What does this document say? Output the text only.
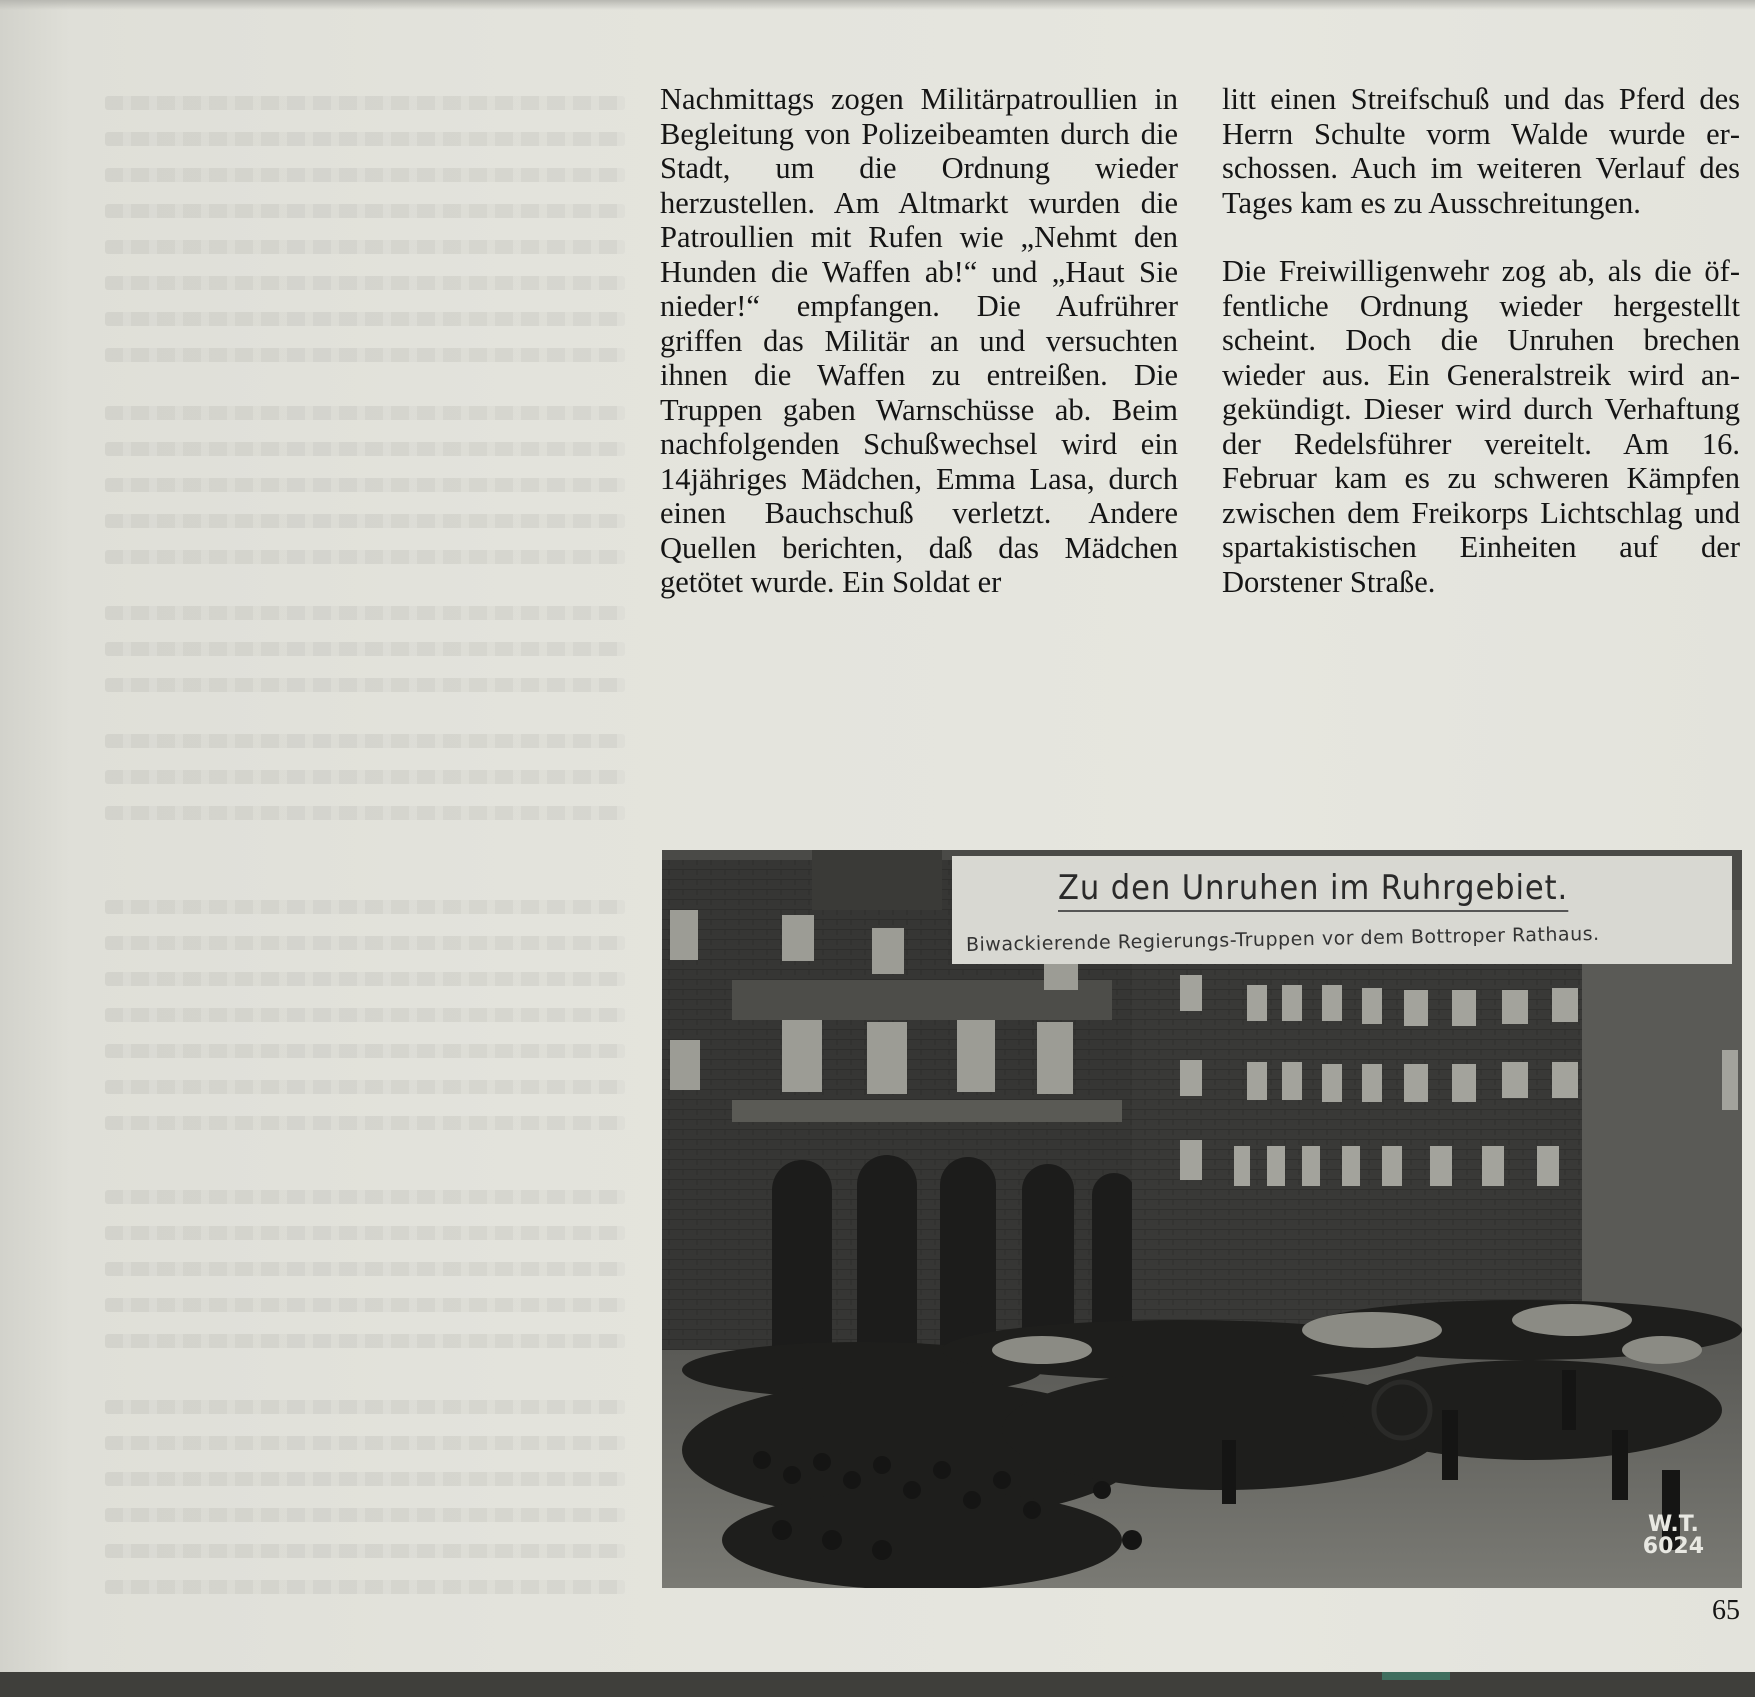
Nachmittags zogen Militärpatroullien in Begleitung von Polizeibeamten durch die Stadt, um die Ordnung wieder herzustellen. Am Altmarkt wurden die Patroullien mit Rufen wie „Nehmt den Hunden die Waffen ab!“ und „Haut Sie nieder!“ empfangen. Die Aufrührer griffen das Militär an und versuchten ihnen die Waffen zu entreißen. Die Truppen gaben Warnschüsse ab. Beim nachfolgenden Schußwechsel wird ein 14jähriges Mädchen, Emma Lasa, durch einen Bauchschuß verletzt. Andere Quellen berichten, daß das Mädchen getötet wurde. Ein Soldat er

litt einen Streifschuß und das Pferd des Herrn Schulte vorm Walde wurde erschossen. Auch im weiteren Verlauf des Tages kam es zu Ausschreitungen.

Die Freiwilligenwehr zog ab, als die öffentliche Ordnung wieder hergestellt scheint. Doch die Unruhen brechen wieder aus. Ein Generalstreik wird angekündigt. Dieser wird durch Verhaftung der Redelsführer vereitelt. Am 16. Februar kam es zu schweren Kämpfen zwischen dem Freikorps Lichtschlag und spartakistischen Einheiten auf der Dorstener Straße.

Zu den Unruhen im Ruhrgebiet.
Biwackierende Regierungs-Truppen vor dem Bottroper Rathaus.
W.T.
6024
65
